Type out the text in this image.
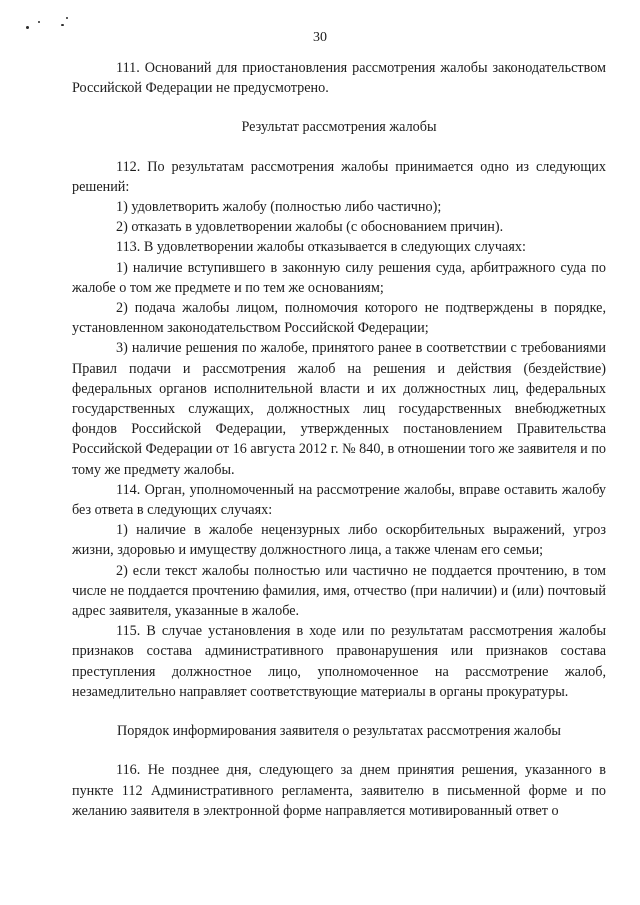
30

111. Оснований для приостановления рассмотрения жалобы законодательством Российской Федерации не предусмотрено.

Результат рассмотрения жалобы

112. По результатам рассмотрения жалобы принимается одно из следующих решений:

1) удовлетворить жалобу (полностью либо частично);

2) отказать в удовлетворении жалобы (с обоснованием причин).

113. В удовлетворении жалобы отказывается в следующих случаях:

1) наличие вступившего в законную силу решения суда, арбитражного суда по жалобе о том же предмете и по тем же основаниям;

2) подача жалобы лицом, полномочия которого не подтверждены в порядке, установленном законодательством Российской Федерации;

3) наличие решения по жалобе, принятого ранее в соответствии с требованиями Правил подачи и рассмотрения жалоб на решения и действия (бездействие) федеральных органов исполнительной власти и их должностных лиц, федеральных государственных служащих, должностных лиц государственных внебюджетных фондов Российской Федерации, утвержденных постановлением Правительства Российской Федерации от 16 августа 2012 г. № 840, в отношении того же заявителя и по тому же предмету жалобы.

114. Орган, уполномоченный на рассмотрение жалобы, вправе оставить жалобу без ответа в следующих случаях:

1) наличие в жалобе нецензурных либо оскорбительных выражений, угроз жизни, здоровью и имуществу должностного лица, а также членам его семьи;

2) если текст жалобы полностью или частично не поддается прочтению, в том числе не поддается прочтению фамилия, имя, отчество (при наличии) и (или) почтовый адрес заявителя, указанные в жалобе.

115. В случае установления в ходе или по результатам рассмотрения жалобы признаков состава административного правонарушения или признаков состава преступления должностное лицо, уполномоченное на рассмотрение жалоб, незамедлительно направляет соответствующие материалы в органы прокуратуры.

Порядок информирования заявителя о результатах рассмотрения жалобы

116. Не позднее дня, следующего за днем принятия решения, указанного в пункте 112 Административного регламента, заявителю в письменной форме и по желанию заявителя в электронной форме направляется мотивированный ответ о
